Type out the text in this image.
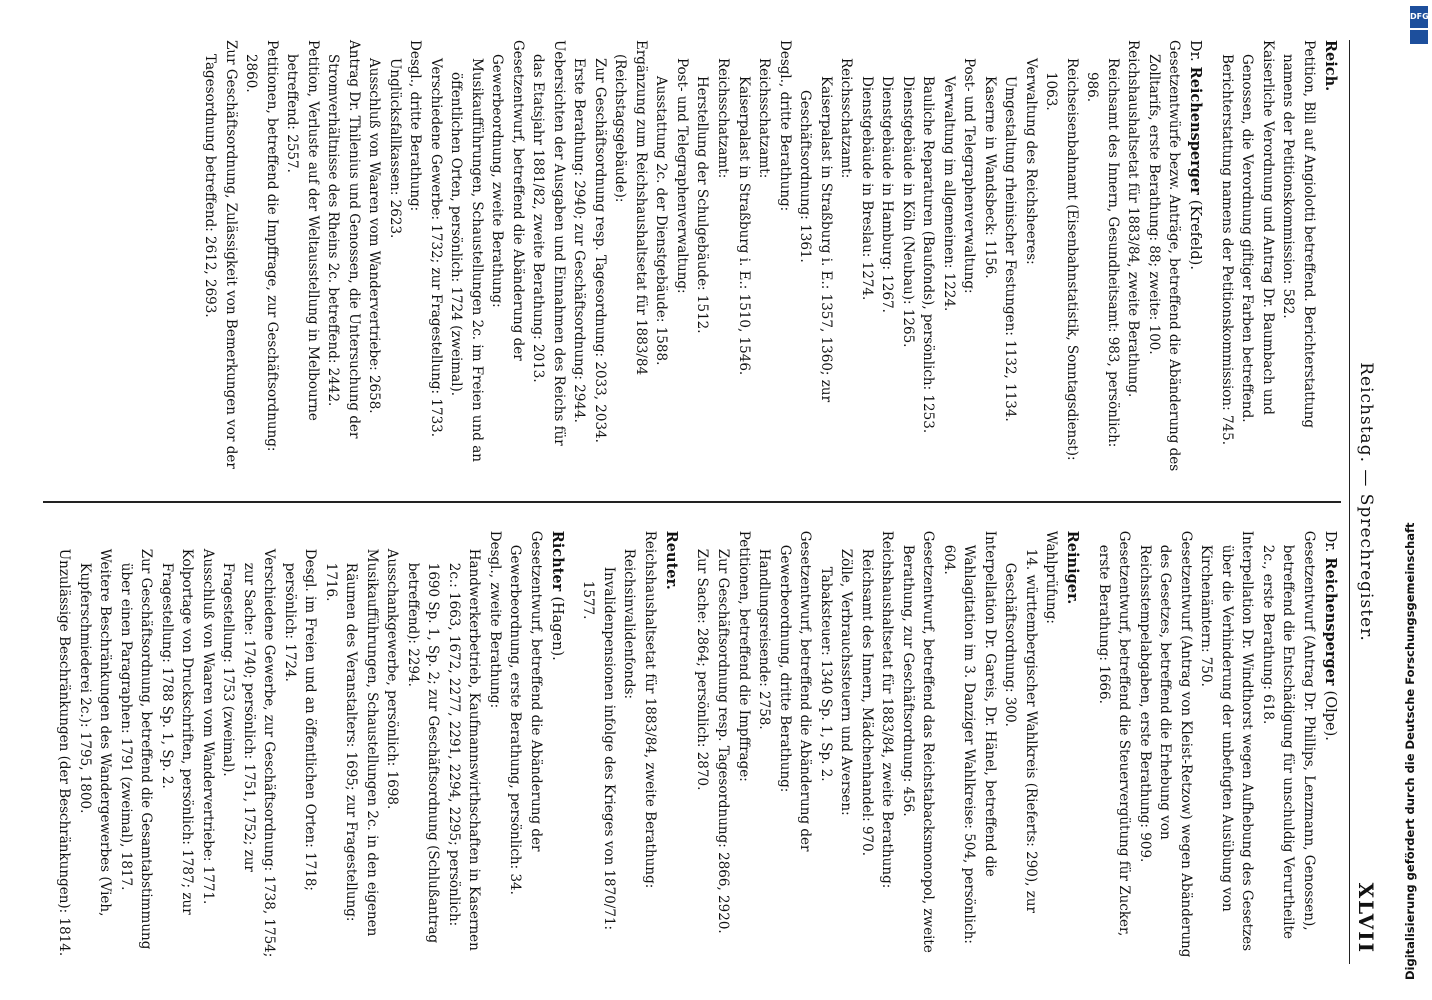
Reichstag. — Sprechregister.
XLVII
Reich.

Petition, Bill auf Angiolotti betreffend. Berichterstattung namens der Petitionskommission: 582.

Kaiserliche Verordnung und Antrag Dr. Baumbach und Genossen, die Verordnung giftiger Farben betreffend. Berichterstattung namens der Petitionskommission: 745.

Dr. Reichensperger (Krefeld).

Gesetzentwürfe bezw. Anträge, betreffend die Abänderung des Zolltarifs, erste Berathung: 88; zweite: 100.

Reichshaushaltsetat für 1883/84, zweite Berathung.

Reichsamt des Innern, Gesundheitsamt: 983, persönlich: 986.

Reichseisenbahnamt (Eisenbahnstatistik, Sonntagsdienst): 1063.

Verwaltung des Reichsheeres:

Umgestaltung rheinischer Festungen: 1132, 1134.

Kaserne in Wandsbeck: 1156.

Post- und Telegraphenverwaltung:

Verwaltung im allgemeinen: 1224.

Bauliche Reparaturen (Baufonds), persönlich: 1253.

Dienstgebäude in Köln (Neubau): 1265.

Dienstgebäude in Hamburg: 1267.

Dienstgebäude in Breslau: 1274.

Reichsschatzamt:

Kaiserpalast in Straßburg i. E.: 1357, 1360; zur Geschäftsordnung: 1361.

Desgl., dritte Berathung:

Reichsschatzamt:

Kaiserpalast in Straßburg i. E.: 1510, 1546.

Reichsschatzamt:

Herstellung der Schulgebäude: 1512.

Post- und Telegraphenverwaltung:

Ausstattung 2c. der Dienstgebäude: 1588.

Ergänzung zum Reichshaushaltsetat für 1883/84 (Reichstagsgebäude):

Zur Geschäftsordnung resp. Tagesordnung: 2033, 2034.

Erste Berathung: 2940; zur Geschäftsordnung: 2944.

Uebersichten der Ausgaben und Einnahmen des Reichs für das Etatsjahr 1881/82, zweite Berathung: 2013.

Gesetzentwurf, betreffend die Abänderung der Gewerbeordnung, zweite Berathung:

Musikaufführungen, Schaustellungen 2c. im Freien und an öffentlichen Orten, persönlich: 1724 (zweimal).

Verschiedene Gewerbe: 1732; zur Fragestellung: 1733.

Desgl., dritte Berathung:

Unglücksfallkassen: 2623.

Ausschluß von Waaren vom Wandervertriebe: 2658.

Antrag Dr. Thilenius und Genossen, die Untersuchung der Stromverhältnisse des Rheins 2c. betreffend: 2442.

Petition, Verluste auf der Weltausstellung in Melbourne betreffend: 2557.

Petitionen, betreffend die Impffrage, zur Geschäftsordnung: 2860.

Zur Geschäftsordnung, Zulässigkeit von Bemerkungen vor der Tagesordnung betreffend: 2612, 2693.

Dr. Reichensperger (Olpe).

Gesetzentwurf (Antrag Dr. Phillips, Lenzmann, Genossen), betreffend die Entschädigung für unschuldig Verurtheilte 2c., erste Berathung: 618.

Interpellation Dr. Windthorst wegen Aufhebung des Gesetzes über die Verhinderung der unbefugten Ausübung von Kirchenämtern: 750.

Gesetzentwurf (Antrag von Kleist-Retzow) wegen Abänderung des Gesetzes, betreffend die Erhebung von Reichsstempelabgaben, erste Berathung: 909.

Gesetzentwurf, betreffend die Steuervergütung für Zucker, erste Berathung: 1666.

Reiniger.

Wahlprüfung:

14. württembergischer Wahlkreis (Rieferts: 290), zur Geschäftsordnung: 300.

Interpellation Dr. Gareis, Dr. Hänel, betreffend die Wahlagitation im 3. Danziger Wahlkreise: 504, persönlich: 604.

Gesetzentwurf, betreffend das Reichstabacksmonopol, zweite Berathung, zur Geschäftsordnung: 456.

Reichshaushaltsetat für 1883/84, zweite Berathung:

Reichsamt des Innern, Mädchenhandel: 970.

Zölle, Verbrauchssteuern und Aversen:

Tabaksteuer: 1340 Sp. 1, Sp. 2.

Gesetzentwurf, betreffend die Abänderung der Gewerbeordnung, dritte Berathung:

Handlungsreisende: 2758.

Petitionen, betreffend die Impffrage:

Zur Geschäftsordnung resp. Tagesordnung: 2866, 2920.

Zur Sache: 2864; persönlich: 2870.

Reuter.

Reichshaushaltsetat für 1883/84, zweite Berathung:

Reichsinvalidenfonds:

Invalidenpensionen infolge des Krieges von 1870/71: 1577.

Richter (Hagen).

Gesetzentwurf, betreffend die Abänderung der Gewerbeordnung, erste Berathung, persönlich: 34.

Desgl., zweite Berathung:

Handwerkerbetrieb, Kaufmannswirthschaften in Kasernen 2c.: 1663, 1672, 2277, 2291, 2294, 2295; persönlich: 1690 Sp. 1, Sp. 2; zur Geschäftsordnung (Schlußantrag betreffend): 2294.

Ausschankgewerbe, persönlich: 1698.

Musikaufführungen, Schaustellungen 2c. in den eigenen Räumen des Veranstalters: 1695; zur Fragestellung: 1716.

Desgl. im Freien und an öffentlichen Orten: 1718; persönlich: 1724.

Verschiedene Gewerbe, zur Geschäftsordnung: 1738, 1754; zur Sache: 1740; persönlich: 1751, 1752; zur Fragestellung: 1753 (zweimal).

Ausschluß von Waaren vom Wandervertriebe: 1771.

Kolportage von Druckschriften, persönlich: 1787; zur Fragestellung: 1788 Sp. 1, Sp. 2.

Zur Geschäftsordnung, betreffend die Gesamtabstimmung über einen Paragraphen: 1791 (zweimal), 1817.

Weitere Beschränkungen des Wandergewerbes (Vieh, Kupferschmiederei 2c.): 1795, 1800.

Unzulässige Beschränkungen (der Beschränkungen): 1814.	Digitalisierung gefördert durch die Deutsche Forschungsgemeinschaft
DFG
